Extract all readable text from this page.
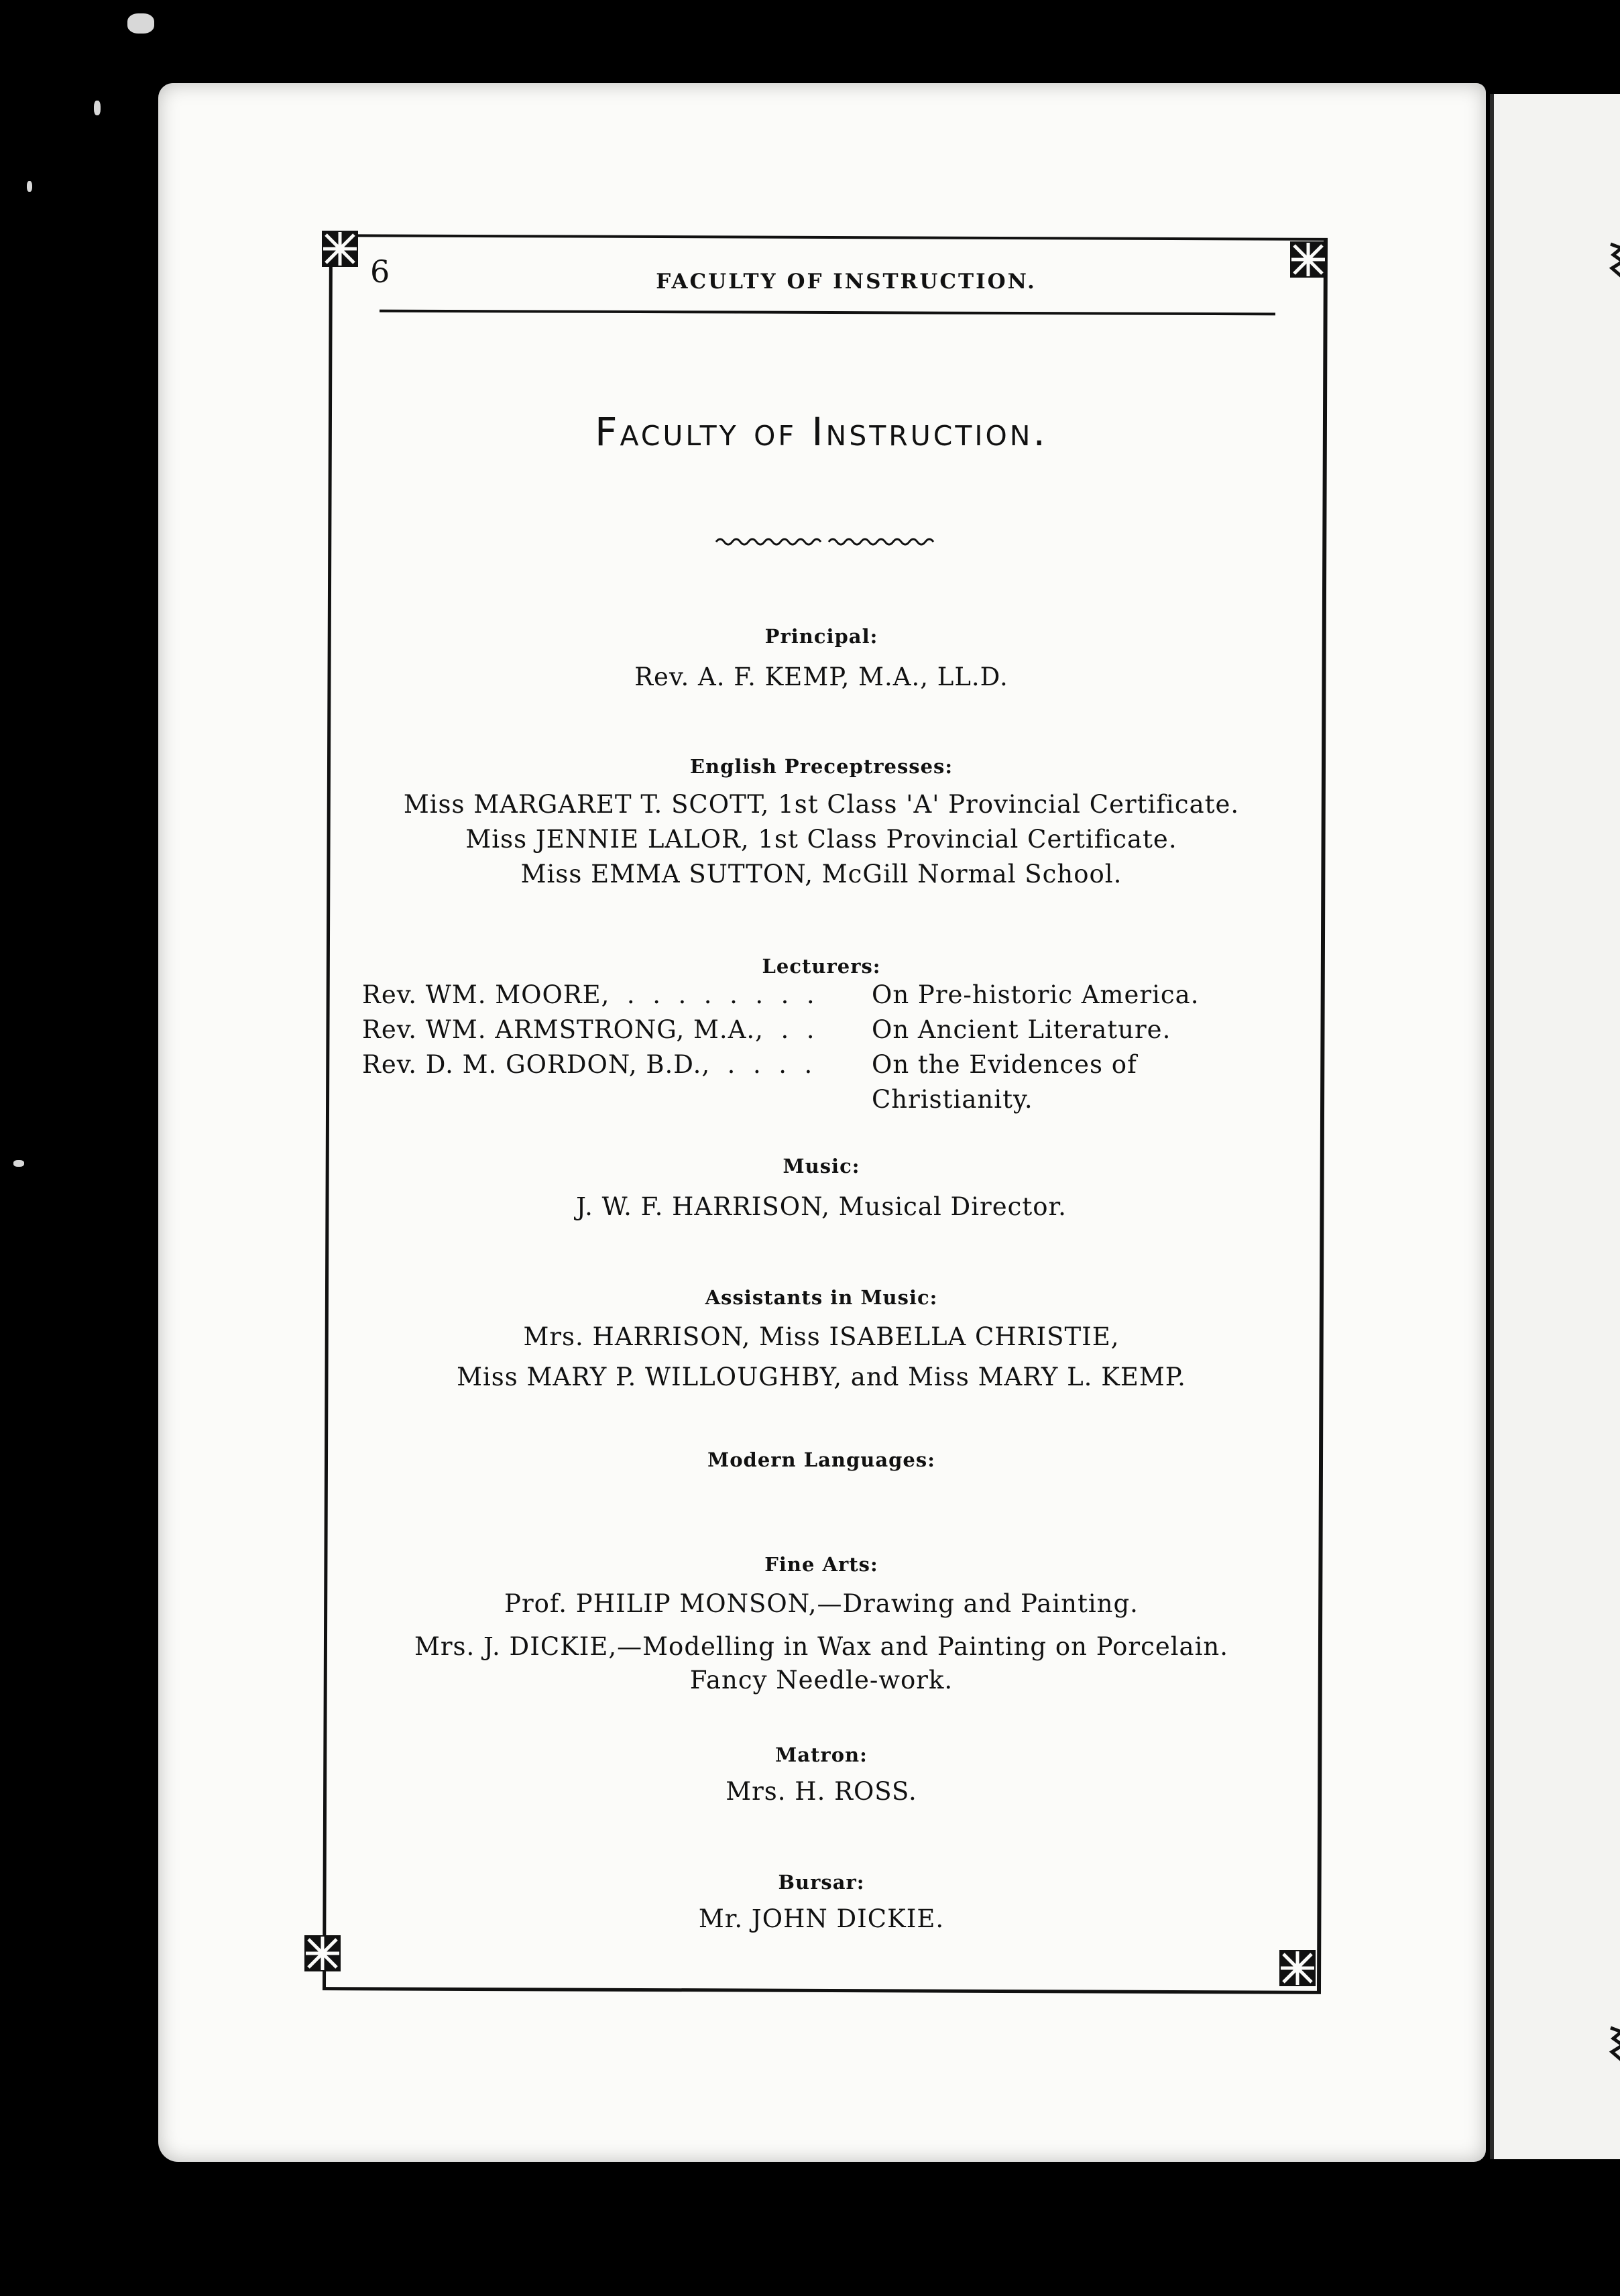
6	FACULTY OF INSTRUCTION.
Faculty of Instruction.
Principal:
Rev. A. F. KEMP, M.A., LL.D.
English Preceptresses:
Miss MARGARET T. SCOTT, 1st Class 'A' Provincial Certificate.
Miss JENNIE LALOR, 1st Class Provincial Certificate.
Miss EMMA SUTTON, McGill Normal School.
Lecturers:
Rev. WM. MOORE,  .  .  .  .  .  .  .  .	On Pre-historic America.
Rev. WM. ARMSTRONG, M.A.,  .  .	On Ancient Literature.
Rev. D. M. GORDON, B.D.,  .  .  .  .	On the Evidences of Christianity.
Music:
J. W. F. HARRISON, Musical Director.
Assistants in Music:
Mrs. HARRISON, Miss ISABELLA CHRISTIE,
Miss MARY P. WILLOUGHBY, and Miss MARY L. KEMP.
Modern Languages:
Fine Arts:
Prof. PHILIP MONSON,—Drawing and Painting.
Mrs. J. DICKIE,—Modelling in Wax and Painting on Porcelain.
Fancy Needle-work.
Matron:
Mrs. H. ROSS.
Bursar:
Mr. JOHN DICKIE.
